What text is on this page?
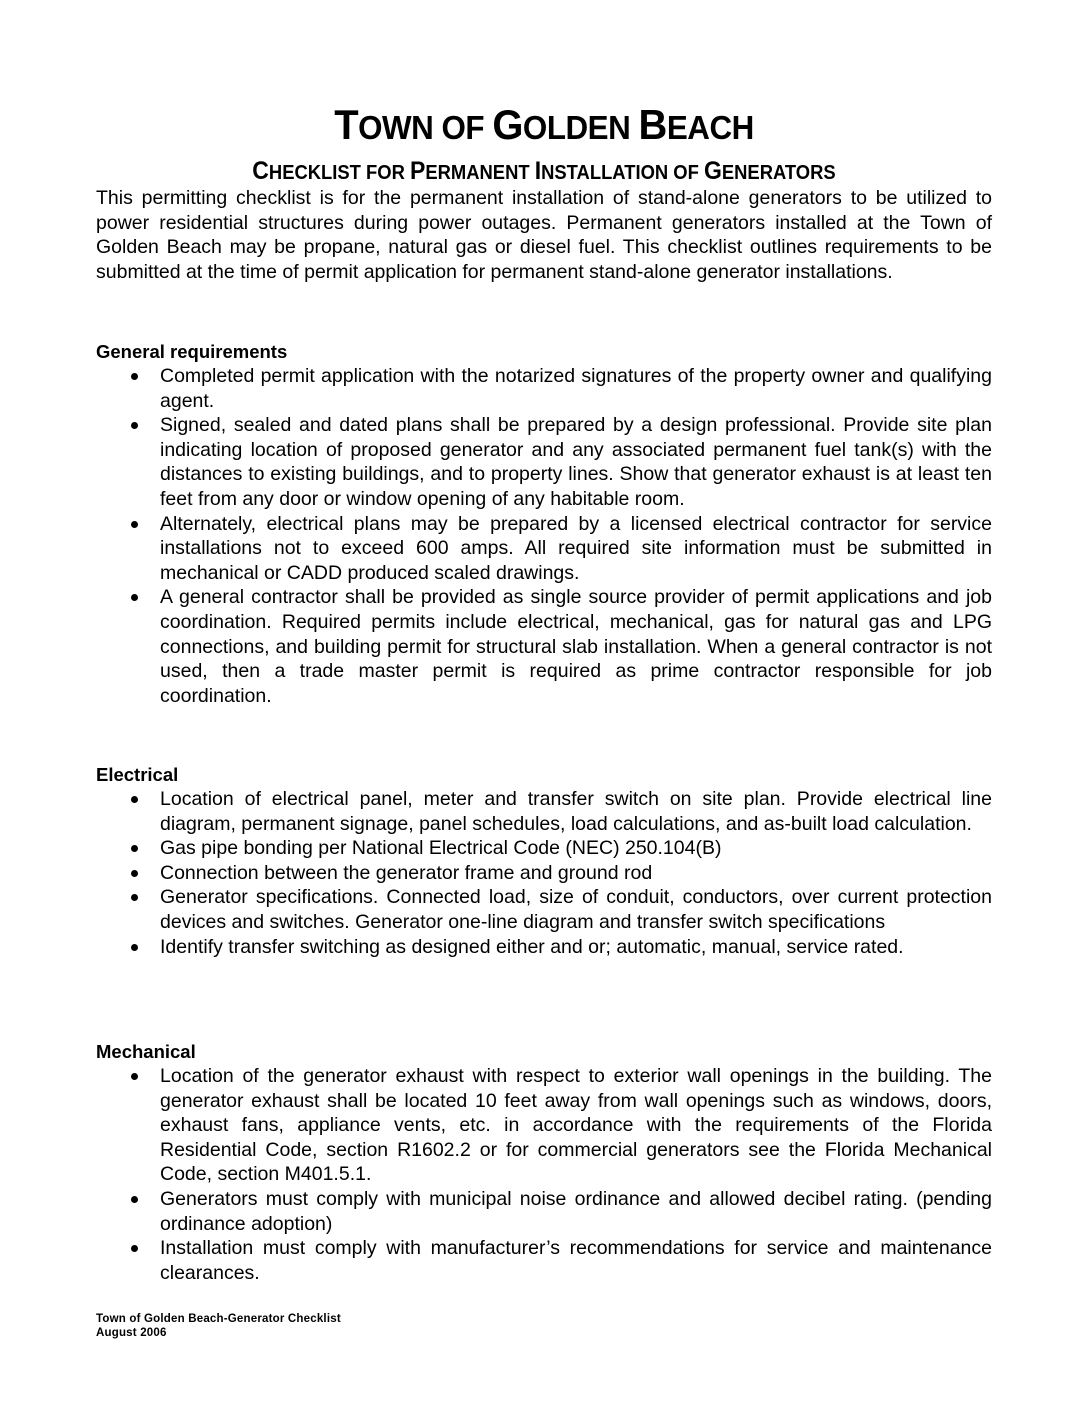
TOWN OF GOLDEN BEACH
CHECKLIST FOR PERMANENT INSTALLATION OF GENERATORS
This permitting checklist is for the permanent installation of stand-alone generators to be utilized to power residential structures during power outages. Permanent generators installed at the Town of Golden Beach may be propane, natural gas or diesel fuel. This checklist outlines requirements to be submitted at the time of permit application for permanent stand-alone generator installations.
General requirements
Completed permit application with the notarized signatures of the property owner and qualifying agent.
Signed, sealed and dated plans shall be prepared by a design professional. Provide site plan indicating location of proposed generator and any associated permanent fuel tank(s) with the distances to existing buildings, and to property lines. Show that generator exhaust is at least ten feet from any door or window opening of any habitable room.
Alternately, electrical plans may be prepared by a licensed electrical contractor for service installations not to exceed 600 amps. All required site information must be submitted in mechanical or CADD produced scaled drawings.
A general contractor shall be provided as single source provider of permit applications and job coordination. Required permits include electrical, mechanical, gas for natural gas and LPG connections, and building permit for structural slab installation. When a general contractor is not used, then a trade master permit is required as prime contractor responsible for job coordination.
Electrical
Location of electrical panel, meter and transfer switch on site plan. Provide electrical line diagram, permanent signage, panel schedules, load calculations, and as-built load calculation.
Gas pipe bonding per National Electrical Code (NEC) 250.104(B)
Connection between the generator frame and ground rod
Generator specifications. Connected load, size of conduit, conductors, over current protection devices and switches. Generator one-line diagram and transfer switch specifications
Identify transfer switching as designed either and or; automatic, manual, service rated.
Mechanical
Location of the generator exhaust with respect to exterior wall openings in the building. The generator exhaust shall be located 10 feet away from wall openings such as windows, doors, exhaust fans, appliance vents, etc. in accordance with the requirements of the Florida Residential Code, section R1602.2 or for commercial generators see the Florida Mechanical Code, section M401.5.1.
Generators must comply with municipal noise ordinance and allowed decibel rating. (pending ordinance adoption)
Installation must comply with manufacturer’s recommendations for service and maintenance clearances.
Town of Golden Beach-Generator Checklist
August 2006
